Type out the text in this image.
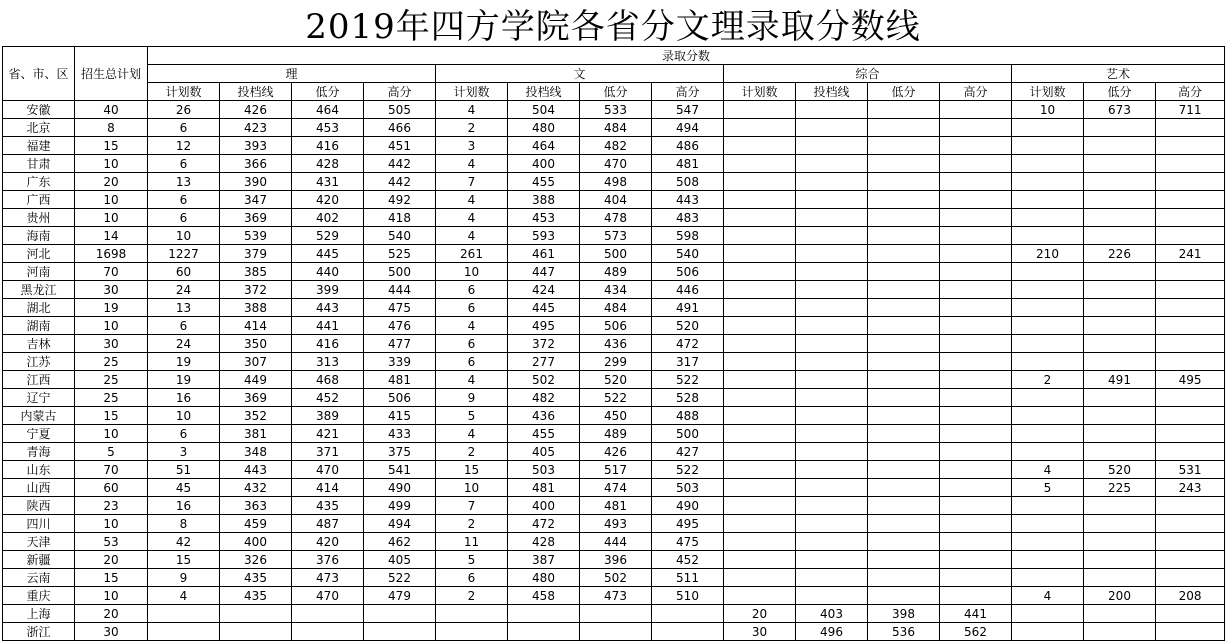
2019年四方学院各省分文理录取分数线
省、市、区	招生总计划	录取分数														
		理				文				综合				艺术		
		计划数	投档线	低分	高分	计划数	投档线	低分	高分	计划数	投档线	低分	高分	计划数	低分	高分
安徽	40	26	426	464	505	4	504	533	547					10	673	711
北京	8	6	423	453	466	2	480	484	494							
福建	15	12	393	416	451	3	464	482	486							
甘肃	10	6	366	428	442	4	400	470	481							
广东	20	13	390	431	442	7	455	498	508							
广西	10	6	347	420	492	4	388	404	443							
贵州	10	6	369	402	418	4	453	478	483							
海南	14	10	539	529	540	4	593	573	598							
河北	1698	1227	379	445	525	261	461	500	540					210	226	241
河南	70	60	385	440	500	10	447	489	506							
黑龙江	30	24	372	399	444	6	424	434	446							
湖北	19	13	388	443	475	6	445	484	491							
湖南	10	6	414	441	476	4	495	506	520							
吉林	30	24	350	416	477	6	372	436	472							
江苏	25	19	307	313	339	6	277	299	317							
江西	25	19	449	468	481	4	502	520	522					2	491	495
辽宁	25	16	369	452	506	9	482	522	528							
内蒙古	15	10	352	389	415	5	436	450	488							
宁夏	10	6	381	421	433	4	455	489	500							
青海	5	3	348	371	375	2	405	426	427							
山东	70	51	443	470	541	15	503	517	522					4	520	531
山西	60	45	432	414	490	10	481	474	503					5	225	243
陕西	23	16	363	435	499	7	400	481	490							
四川	10	8	459	487	494	2	472	493	495							
天津	53	42	400	420	462	11	428	444	475							
新疆	20	15	326	376	405	5	387	396	452							
云南	15	9	435	473	522	6	480	502	511							
重庆	10	4	435	470	479	2	458	473	510					4	200	208
上海	20									20	403	398	441			
浙江	30									30	496	536	562			
